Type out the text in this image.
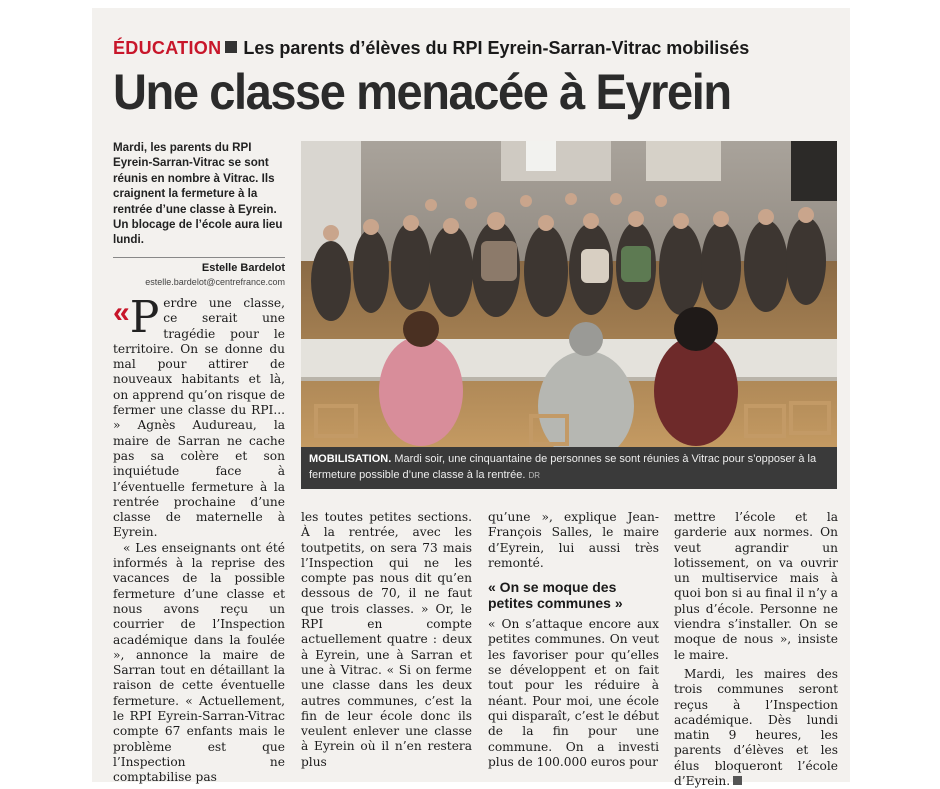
ÉDUCATION Les parents d’élèves du RPI Eyrein-Sarran-Vitrac mobilisés
Une classe menacée à Eyrein
Mardi, les parents du RPI Eyrein-Sarran-Vitrac se sont réunis en nombre à Vitrac. Ils craignent la fermeture à la rentrée d’une classe à Eyrein. Un blocage de l’école aura lieu lundi.
Estelle Bardelot
estelle.bardelot@centrefrance.com
« P erdre une classe, ce serait une tragédie pour le territoire. On se donne du mal pour attirer de nouveaux habitants et là, on apprend qu’on risque de fermer une classe du RPI... » Agnès Audureau, la maire de Sarran ne cache pas sa colère et son inquiétude face à l’éventuelle fermeture à la rentrée prochaine d’une classe de maternelle à Eyrein.

« Les enseignants ont été informés à la reprise des vacances de la possible fermeture d’une classe et nous avons reçu un courrier de l’Inspection académique dans la foulée », annonce la maire de Sarran tout en détaillant la raison de cette éventuelle fermeture. « Actuellement, le RPI Eyrein-Sarran-Vitrac compte 67 enfants mais le problème est que l’Inspection ne comptabilise pas

MOBILISATION. Mardi soir, une cinquantaine de personnes se sont réunies à Vitrac pour s’opposer à la fermeture possible d’une classe à la rentrée. DR

les toutes petites sections. À la rentrée, avec les toutpetits, on sera 73 mais l’Inspection qui ne les compte pas nous dit qu’en dessous de 70, il ne faut que trois classes. » Or, le RPI en compte actuellement quatre : deux à Eyrein, une à Sarran et une à Vitrac. « Si on ferme une classe dans les deux autres communes, c’est la fin de leur école donc ils veulent enlever une classe à Eyrein où il n’en restera plus

qu’une », explique Jean-François Salles, le maire d’Eyrein, lui aussi très remonté.

« On se moque des petites communes »

« On s’attaque encore aux petites communes. On veut les favoriser pour qu’elles se développent et on fait tout pour les réduire à néant. Pour moi, une école qui disparaît, c’est le début de la fin pour une commune. On a investi plus de 100.000 euros pour

mettre l’école et la garderie aux normes. On veut agrandir un lotissement, on va ouvrir un multiservice mais à quoi bon si au final il n’y a plus d’école. Personne ne viendra s’installer. On se moque de nous », insiste le maire.

Mardi, les maires des trois communes seront reçus à l’Inspection académique. Dès lundi matin 9 heures, les parents d’élèves et les élus bloqueront l’école d’Eyrein.
